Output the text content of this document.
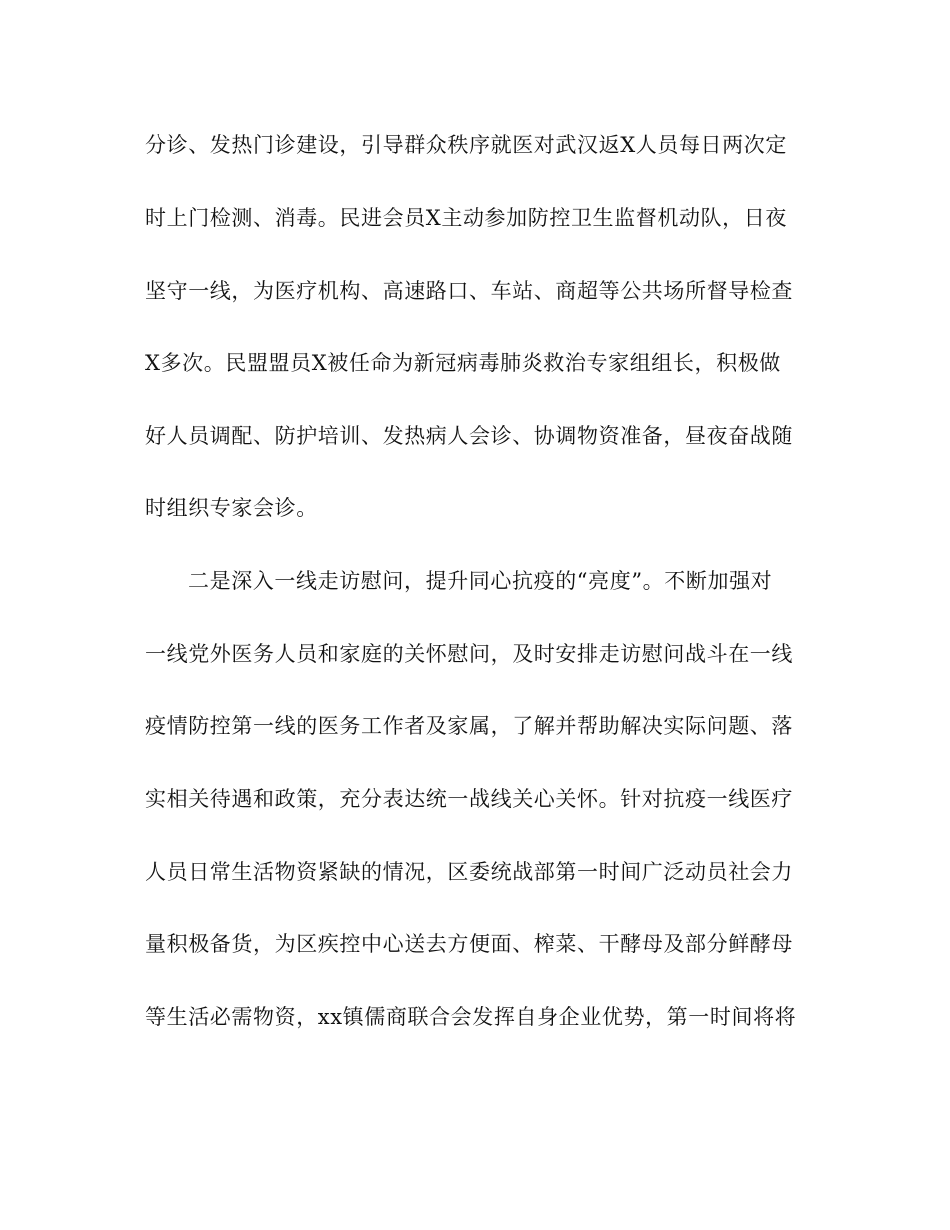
分诊、发热门诊建设，引导群众秩序就医对武汉返Ⅹ人员每日两次定
时上门检测、消毒。民进会员Ⅹ主动参加防控卫生监督机动队，日夜
坚守一线，为医疗机构、高速路口、车站、商超等公共场所督导检查
Ⅹ多次。民盟盟员Ⅹ被任命为新冠病毒肺炎救治专家组组长，积极做
好人员调配、防护培训、发热病人会诊、协调物资准备，昼夜奋战随
时组织专家会诊。
二是深入一线走访慰问，提升同心抗疫的“亮度”。不断加强对
一线党外医务人员和家庭的关怀慰问，及时安排走访慰问战斗在一线
疫情防控第一线的医务工作者及家属，了解并帮助解决实际问题、落
实相关待遇和政策，充分表达统一战线关心关怀。针对抗疫一线医疗
人员日常生活物资紧缺的情况，区委统战部第一时间广泛动员社会力
量积极备货，为区疾控中心送去方便面、榨菜、干酵母及部分鲜酵母
等生活必需物资，xx镇儒商联合会发挥自身企业优势，第一时间将将
